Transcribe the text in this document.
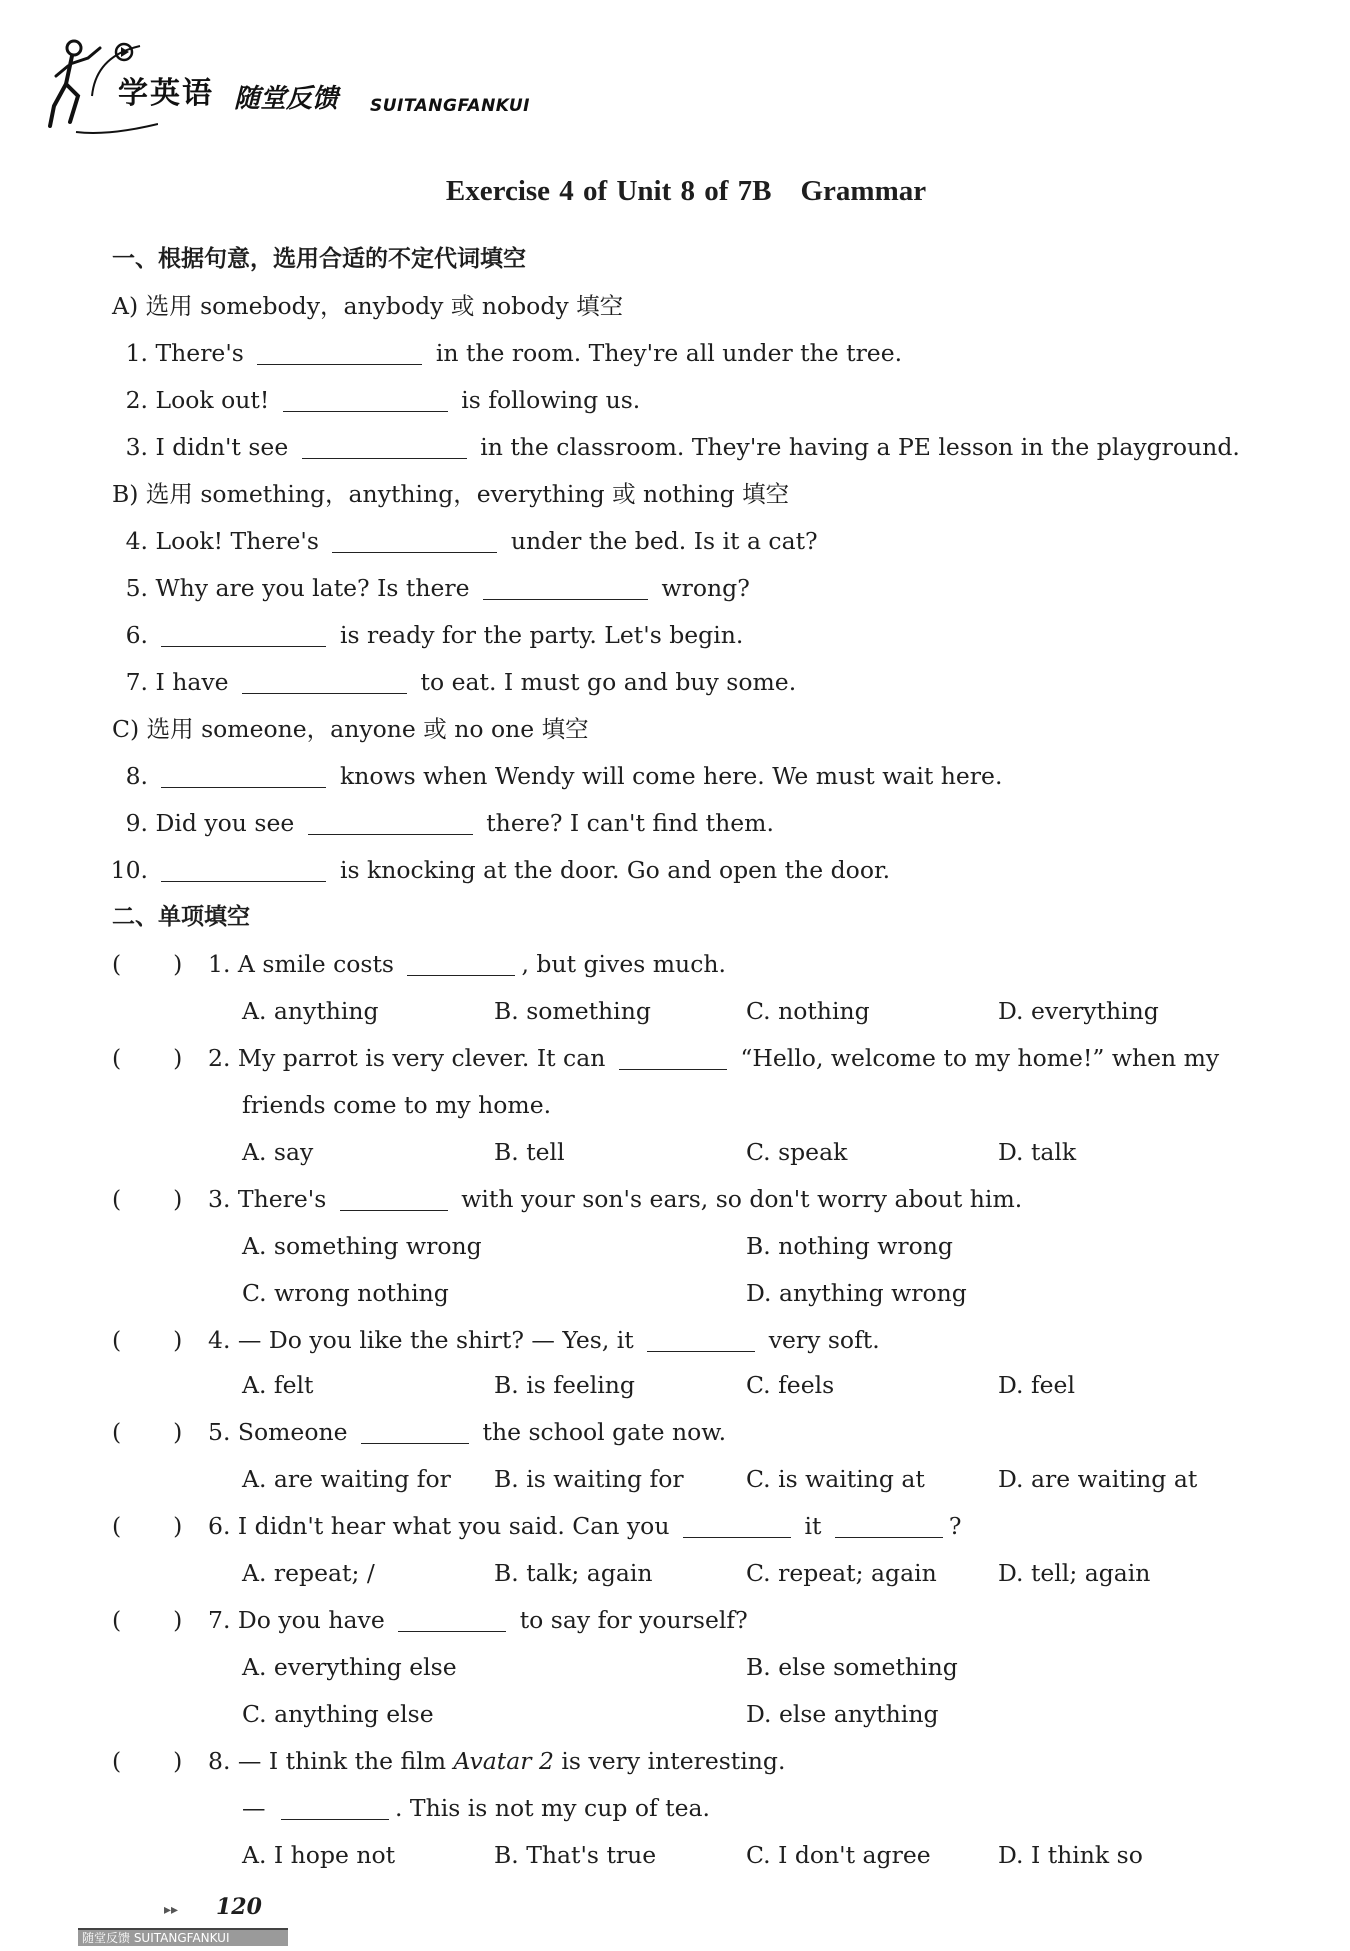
学英语 随堂反馈 SUITANGFANKUI
Exercise 4 of Unit 8 of 7B　Grammar
一、根据句意，选用合适的不定代词填空
A) 选用 somebody，anybody 或 nobody 填空
1. There's	in the room. They're all under the tree.
2. Look out!	is following us.
3. I didn't see	in the classroom. They're having a PE lesson in the playground.
B) 选用 something，anything，everything 或 nothing 填空
4. Look! There's	under the bed. Is it a cat?
5. Why are you late? Is there	wrong?
6.	is ready for the party. Let's begin.
7. I have	to eat. I must go and buy some.
C) 选用 someone，anyone 或 no one 填空
8.	knows when Wendy will come here. We must wait here.
9. Did you see	there? I can't find them.
10.	is knocking at the door. Go and open the door.
二、单项填空
( ) 1. A smile costs	, but gives much.
A. anything	B. something	C. nothing	D. everything
( ) 2. My parrot is very clever. It can	“Hello, welcome to my home!” when my
friends come to my home.
A. say	B. tell	C. speak	D. talk
( ) 3. There's	with your son's ears, so don't worry about him.
A. something wrong	B. nothing wrong
C. wrong nothing	D. anything wrong
( ) 4. — Do you like the shirt? — Yes, it	very soft.
A. felt	B. is feeling	C. feels	D. feel
( ) 5. Someone	the school gate now.
A. are waiting for B. is waiting for	C. is waiting at	D. are waiting at
( ) 6. I didn't hear what you said. Can you	it	?
A. repeat; /	B. talk; again	C. repeat; again	D. tell; again
( ) 7. Do you have	to say for yourself?
A. everything else	B. else something
C. anything else	D. else anything
( ) 8. — I think the film Avatar 2 is very interesting.
—	. This is not my cup of tea.
A. I hope not	B. That's true	C. I don't agree	D. I think so
▸▸ 120
随堂反馈 SUITANGFANKUI
